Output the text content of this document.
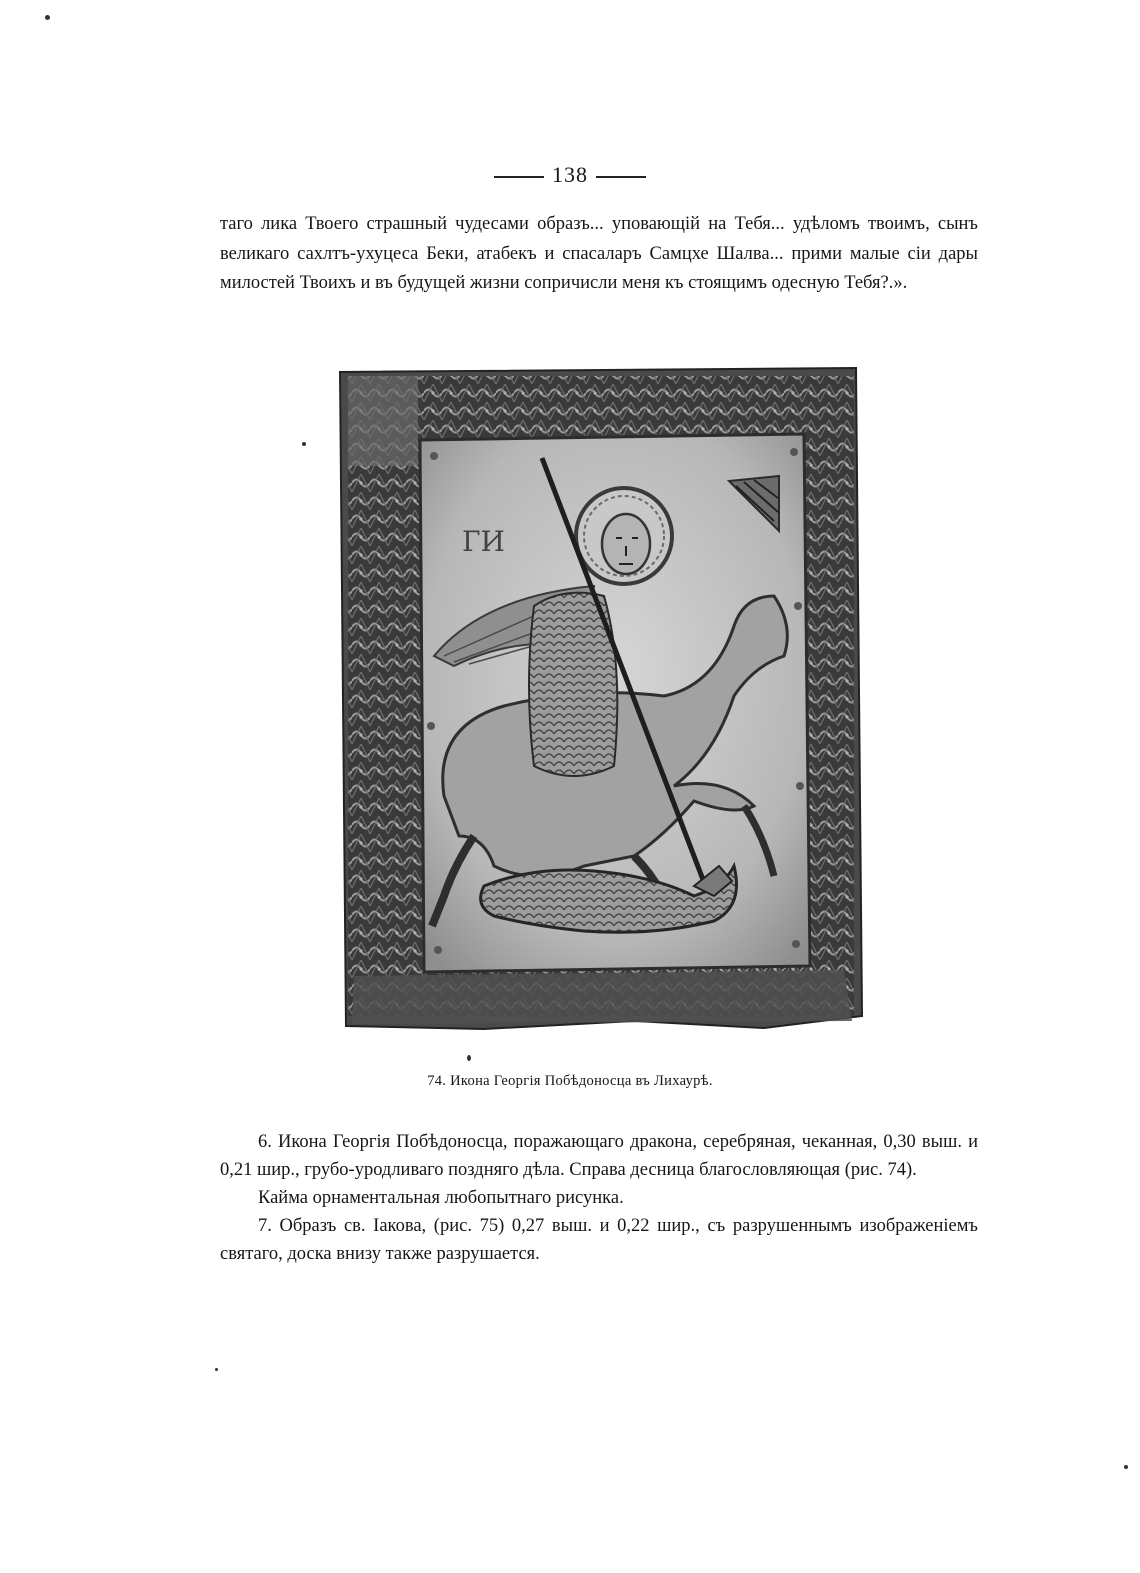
138

таго лика Твоего страшный чудесами образъ... уповающій на Тебя... удѣломъ твоимъ, сынъ великаго сахлтъ-ухуцеса Беки, атабекъ и спасаларъ Самцхе Шалва... прими малые сіи дары милостей Твоихъ и въ будущей жизни сопричисли меня къ стоящимъ одесную Тебя?.».

ГИ
74. Икона Георгія Побѣдоносца въ Лихаурѣ.

6. Икона Георгія Побѣдоносца, поражающаго дракона, серебряная, чеканная, 0,30 выш. и 0,21 шир., грубо-уродливаго поздняго дѣла. Справа десница благословляющая (рис. 74).

Кайма орнаментальная любопытнаго рисунка.

7. Образъ св. Іакова, (рис. 75) 0,27 выш. и 0,22 шир., съ разрушеннымъ изображеніемъ святаго, доска внизу также разрушается.
